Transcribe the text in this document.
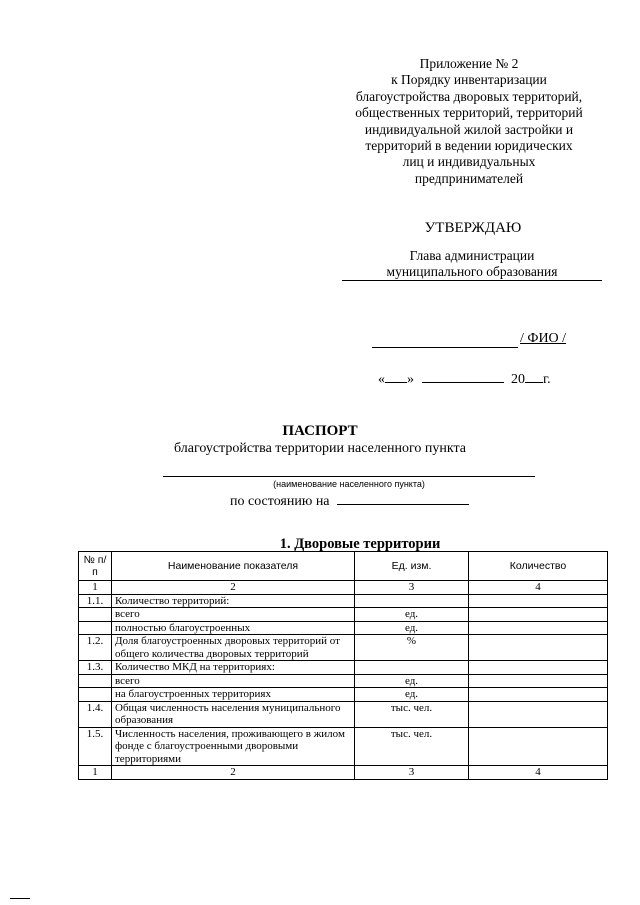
Приложение № 2
к Порядку инвентаризации
благоустройства дворовых территорий,
общественных территорий, территорий
индивидуальной жилой застройки и
территорий в ведении юридических
лиц и индивидуальных
предпринимателей
УТВЕРЖДАЮ
Глава администрации
муниципального образования
/ ФИО /
« »	20 г.
ПАСПОРТ
благоустройства территории населенного пункта
(наименование населенного пункта)
по состоянию на
1. Дворовые территории
№ п/п	Наименование показателя	Ед. изм.	Количество
1	2	3	4
1.1.	Количество территорий:		
	всего	ед.	
	полностью благоустроенных	ед.	
1.2.	Доля благоустроенных дворовых территорий от общего количества дворовых территорий	%	
1.3.	Количество МКД на территориях:		
	всего	ед.	
	на благоустроенных территориях	ед.	
1.4.	Общая численность населения муниципального образования	тыс. чел.	
1.5.	Численность населения, проживающего в жилом фонде с благоустроенными дворовыми территориями	тыс. чел.	
1	2	3	4
